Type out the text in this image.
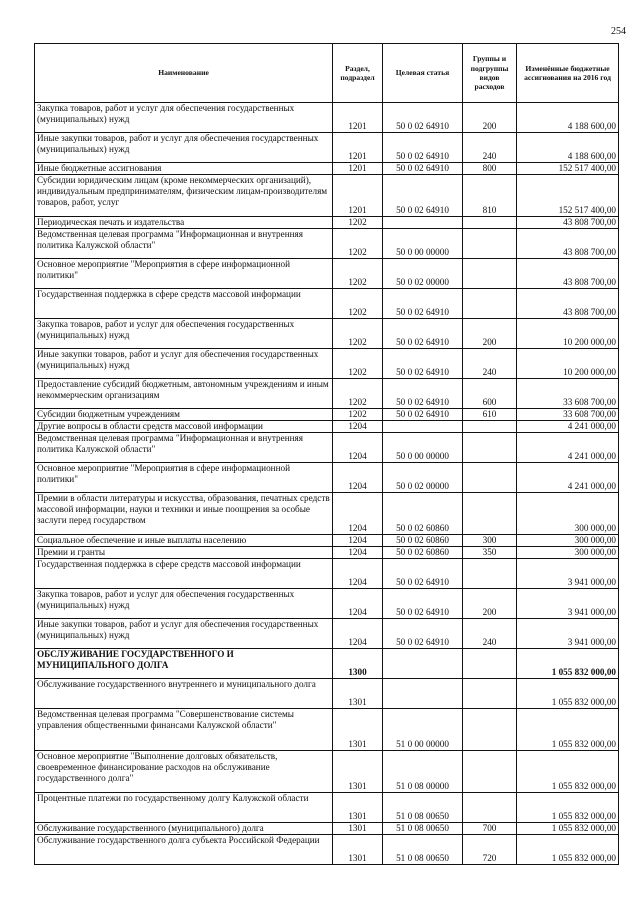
254
Наименование	Раздел, подраздел	Целевая статья	Группы и подгруппы видов расходов	Изменённые бюджетные ассигнования на 2016 год
Закупка товаров, работ и услуг для обеспечения государственных (муниципальных) нужд	1201	50 0 02 64910	200	4 188 600,00
Иные закупки товаров, работ и услуг для обеспечения государственных (муниципальных) нужд	1201	50 0 02 64910	240	4 188 600,00
Иные бюджетные ассигнования	1201	50 0 02 64910	800	152 517 400,00
Субсидии юридическим лицам (кроме некоммерческих организаций), индивидуальным предпринимателям, физическим лицам-производителям товаров, работ, услуг	1201	50 0 02 64910	810	152 517 400,00
Периодическая печать и издательства	1202			43 808 700,00
Ведомственная целевая программа "Информационная и внутренняя политика Калужской области"	1202	50 0 00 00000		43 808 700,00
Основное мероприятие "Мероприятия в сфере информационной политики"	1202	50 0 02 00000		43 808 700,00
Государственная поддержка в сфере средств массовой информации	1202	50 0 02 64910		43 808 700,00
Закупка товаров, работ и услуг для обеспечения государственных (муниципальных) нужд	1202	50 0 02 64910	200	10 200 000,00
Иные закупки товаров, работ и услуг для обеспечения государственных (муниципальных) нужд	1202	50 0 02 64910	240	10 200 000,00
Предоставление субсидий бюджетным, автономным учреждениям и иным некоммерческим организациям	1202	50 0 02 64910	600	33 608 700,00
Субсидии бюджетным учреждениям	1202	50 0 02 64910	610	33 608 700,00
Другие вопросы в области средств массовой информации	1204			4 241 000,00
Ведомственная целевая программа "Информационная и внутренняя политика Калужской области"	1204	50 0 00 00000		4 241 000,00
Основное мероприятие "Мероприятия в сфере информационной политики"	1204	50 0 02 00000		4 241 000,00
Премии в области литературы и искусства, образования, печатных средств массовой информации, науки и техники и иные поощрения за особые заслуги перед государством	1204	50 0 02 60860		300 000,00
Социальное обеспечение и иные выплаты населению	1204	50 0 02 60860	300	300 000,00
Премии и гранты	1204	50 0 02 60860	350	300 000,00
Государственная поддержка в сфере средств массовой информации	1204	50 0 02 64910		3 941 000,00
Закупка товаров, работ и услуг для обеспечения государственных (муниципальных) нужд	1204	50 0 02 64910	200	3 941 000,00
Иные закупки товаров, работ и услуг для обеспечения государственных (муниципальных) нужд	1204	50 0 02 64910	240	3 941 000,00
ОБСЛУЖИВАНИЕ ГОСУДАРСТВЕННОГО И МУНИЦИПАЛЬНОГО ДОЛГА	1300			1 055 832 000,00
Обслуживание государственного внутреннего и муниципального долга	1301			1 055 832 000,00
Ведомственная целевая программа "Совершенствование системы управления общественными финансами Калужской области"	1301	51 0 00 00000		1 055 832 000,00
Основное мероприятие "Выполнение долговых обязательств, своевременное финансирование расходов на обслуживание государственного долга"	1301	51 0 08 00000		1 055 832 000,00
Процентные платежи по государственному долгу Калужской области	1301	51 0 08 00650		1 055 832 000,00
Обслуживание государственного (муниципального) долга	1301	51 0 08 00650	700	1 055 832 000,00
Обслуживание государственного долга субъекта Российской Федерации	1301	51 0 08 00650	720	1 055 832 000,00
